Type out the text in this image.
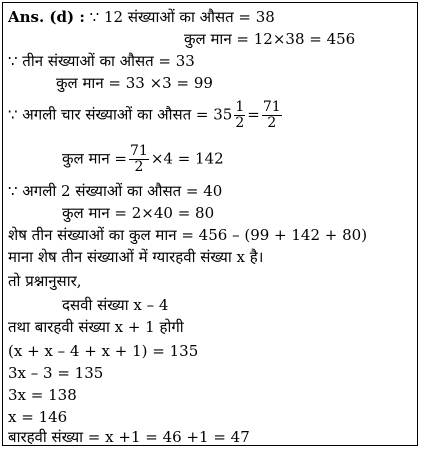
Ans. (d) : ∵ 12 संख्याओं का औसत = 38
कुल मान = 12×38 = 456
∵ तीन संख्याओं का औसत = 33
कुल मान = 33 ×3 = 99
∵ अगली चार संख्याओं का औसत = $35 \frac{1}{2} = \frac{71}{2}$
कुल मान = $\frac{71}{2} \times 4 = 142$
∵ अगली 2 संख्याओं का औसत = 40
कुल मान = 2×40 = 80
शेष तीन संख्याओं का कुल मान = 456 – (99 + 142 + 80)
माना शेष तीन संख्याओं में ग्यारहवी संख्या x है।
तो प्रश्नानुसार,
दसवी संख्या x – 4
तथा बारहवी संख्या x + 1 होगी
(x + x – 4 + x + 1) = 135
3x – 3 = 135
3x = 138
x = 146
बारहवी संख्या = x +1 = 46 +1 = 47
